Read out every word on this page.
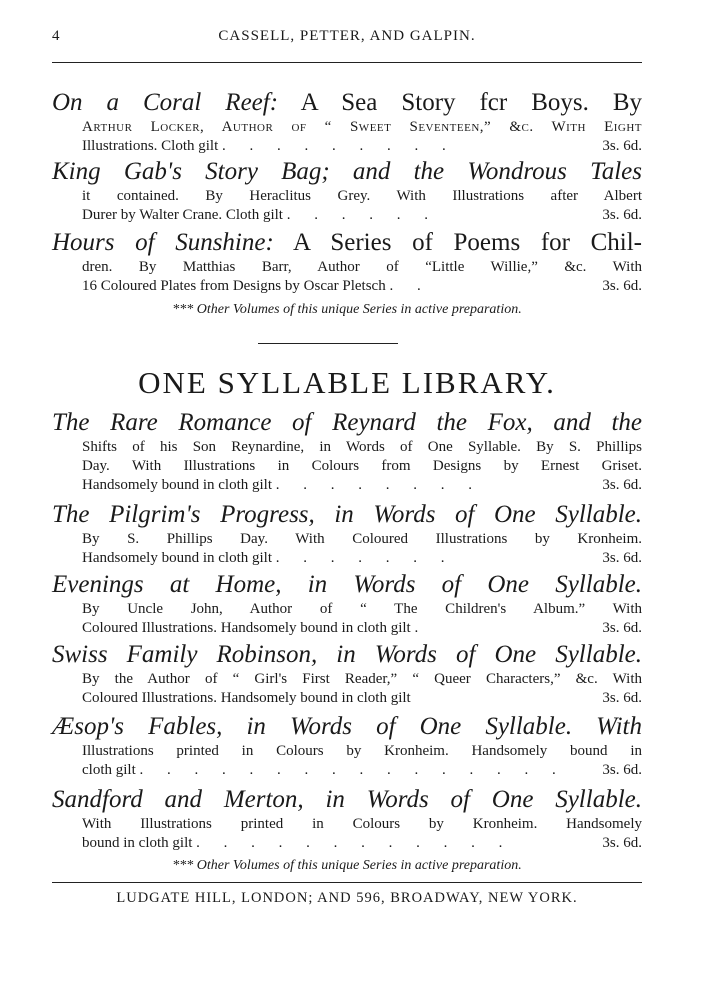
4	CASSELL, PETTER, AND GALPIN.
On a Coral Reef: A Sea Story fcr Boys. By
Arthur Locker, Author of “ Sweet Seventeen,” &c. With Eight
Illustrations. Cloth gilt . . . . . . . . .	3s. 6d.
King Gab's Story Bag; and the Wondrous Tales
it contained. By Heraclitus Grey. With Illustrations after Albert
Durer by Walter Crane. Cloth gilt . . . . . .	3s. 6d.
Hours of Sunshine: A Series of Poems for Chil-
dren. By Matthias Barr, Author of “Little Willie,” &c. With
16 Coloured Plates from Designs by Oscar Pletsch . .	3s. 6d.
*** Other Volumes of this unique Series in active preparation.
ONE SYLLABLE LIBRARY.
The Rare Romance of Reynard the Fox, and the
Shifts of his Son Reynardine, in Words of One Syllable. By S. Phillips
Day. With Illustrations in Colours from Designs by Ernest Griset.
Handsomely bound in cloth gilt . . . . . . . .	3s. 6d.
The Pilgrim's Progress, in Words of One Syllable.
By S. Phillips Day. With Coloured Illustrations by Kronheim.
Handsomely bound in cloth gilt . . . . . . .	3s. 6d.
Evenings at Home, in Words of One Syllable.
By Uncle John, Author of “ The Children's Album.” With
Coloured Illustrations. Handsomely bound in cloth gilt .	3s. 6d.
Swiss Family Robinson, in Words of One Syllable.
By the Author of “ Girl's First Reader,” “ Queer Characters,” &c. With
Coloured Illustrations. Handsomely bound in cloth gilt	3s. 6d.
Æsop's Fables, in Words of One Syllable. With
Illustrations printed in Colours by Kronheim. Handsomely bound in
cloth gilt . . . . . . . . . . . . . . . . 3s. 6d.
Sandford and Merton, in Words of One Syllable.
With Illustrations printed in Colours by Kronheim. Handsomely
bound in cloth gilt . . . . . . . . . . . .	3s. 6d.
*** Other Volumes of this unique Series in active preparation.
LUDGATE HILL, LONDON; AND 596, BROADWAY, NEW YORK.
